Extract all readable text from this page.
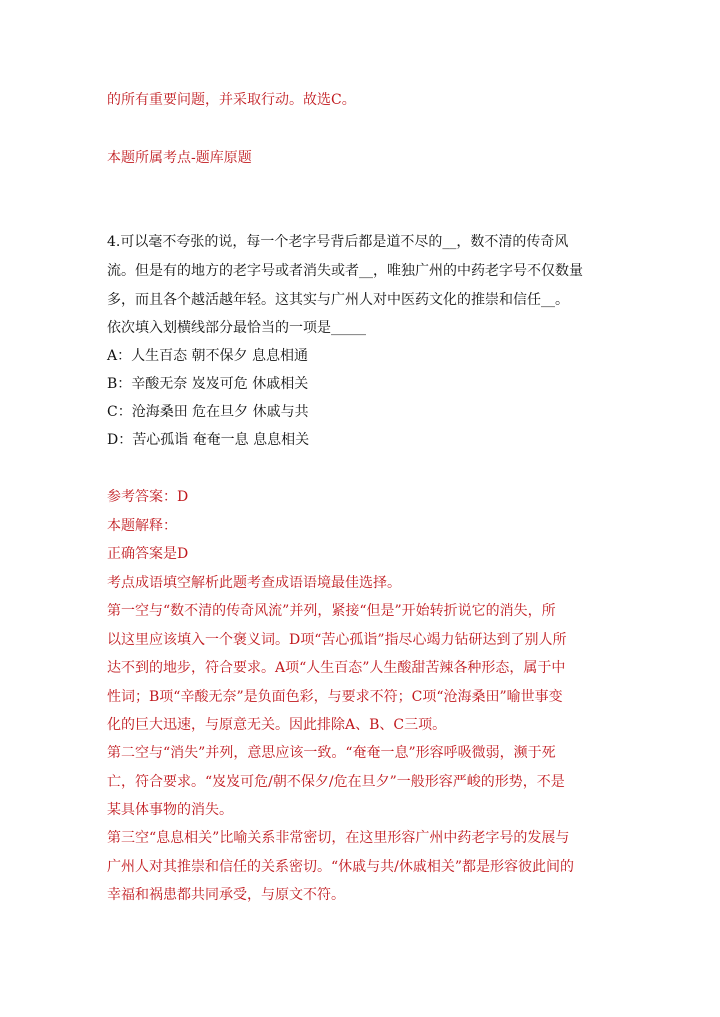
的所有重要问题，并采取行动。故选C。
本题所属考点-题库原题
4.可以毫不夸张的说，每一个老字号背后都是道不尽的__，数不清的传奇风
流。但是有的地方的老字号或者消失或者__，唯独广州的中药老字号不仅数量
多，而且各个越活越年轻。这其实与广州人对中医药文化的推崇和信任__。
依次填入划横线部分最恰当的一项是_____
A：人生百态 朝不保夕 息息相通
B：辛酸无奈 岌岌可危 休戚相关
C：沧海桑田 危在旦夕 休戚与共
D：苦心孤诣 奄奄一息 息息相关
参考答案：D
本题解释：
正确答案是D
考点成语填空解析此题考查成语语境最佳选择。
第一空与“数不清的传奇风流”并列，紧接“但是”开始转折说它的消失，所
以这里应该填入一个褒义词。D项“苦心孤诣”指尽心竭力钻研达到了别人所
达不到的地步，符合要求。A项“人生百态”人生酸甜苦辣各种形态，属于中
性词；B项“辛酸无奈”是负面色彩，与要求不符；C项“沧海桑田”喻世事变
化的巨大迅速，与原意无关。因此排除A、B、C三项。
第二空与“消失”并列，意思应该一致。“奄奄一息”形容呼吸微弱，濒于死
亡，符合要求。“岌岌可危/朝不保夕/危在旦夕”一般形容严峻的形势，不是
某具体事物的消失。
第三空“息息相关”比喻关系非常密切，在这里形容广州中药老字号的发展与
广州人对其推崇和信任的关系密切。“休戚与共/休戚相关”都是形容彼此间的
幸福和祸患都共同承受，与原文不符。
